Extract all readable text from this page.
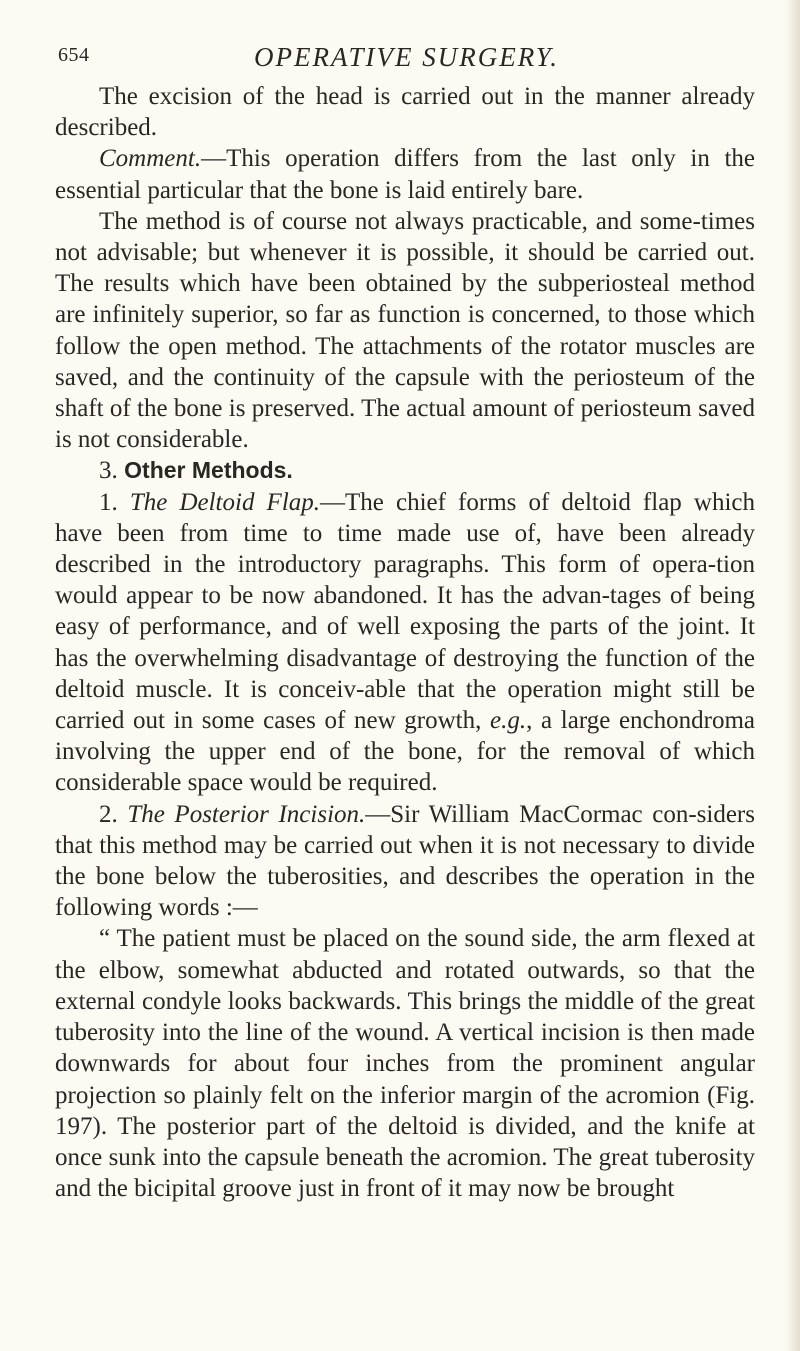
654	OPERATIVE SURGERY.

The excision of the head is carried out in the manner already described.

Comment.—This operation differs from the last only in the essential particular that the bone is laid entirely bare.

The method is of course not always practicable, and some-times not advisable; but whenever it is possible, it should be carried out. The results which have been obtained by the subperiosteal method are infinitely superior, so far as function is concerned, to those which follow the open method. The attachments of the rotator muscles are saved, and the continuity of the capsule with the periosteum of the shaft of the bone is preserved. The actual amount of periosteum saved is not considerable.

3. Other Methods.

1. The Deltoid Flap.—The chief forms of deltoid flap which have been from time to time made use of, have been already described in the introductory paragraphs. This form of opera-tion would appear to be now abandoned. It has the advan-tages of being easy of performance, and of well exposing the parts of the joint. It has the overwhelming disadvantage of destroying the function of the deltoid muscle. It is conceiv-able that the operation might still be carried out in some cases of new growth, e.g., a large enchondroma involving the upper end of the bone, for the removal of which considerable space would be required.

2. The Posterior Incision.—Sir William MacCormac con-siders that this method may be carried out when it is not necessary to divide the bone below the tuberosities, and describes the operation in the following words :—

“ The patient must be placed on the sound side, the arm flexed at the elbow, somewhat abducted and rotated outwards, so that the external condyle looks backwards. This brings the middle of the great tuberosity into the line of the wound. A vertical incision is then made downwards for about four inches from the prominent angular projection so plainly felt on the inferior margin of the acromion (Fig. 197). The posterior part of the deltoid is divided, and the knife at once sunk into the capsule beneath the acromion. The great tuberosity and the bicipital groove just in front of it may now be brought
